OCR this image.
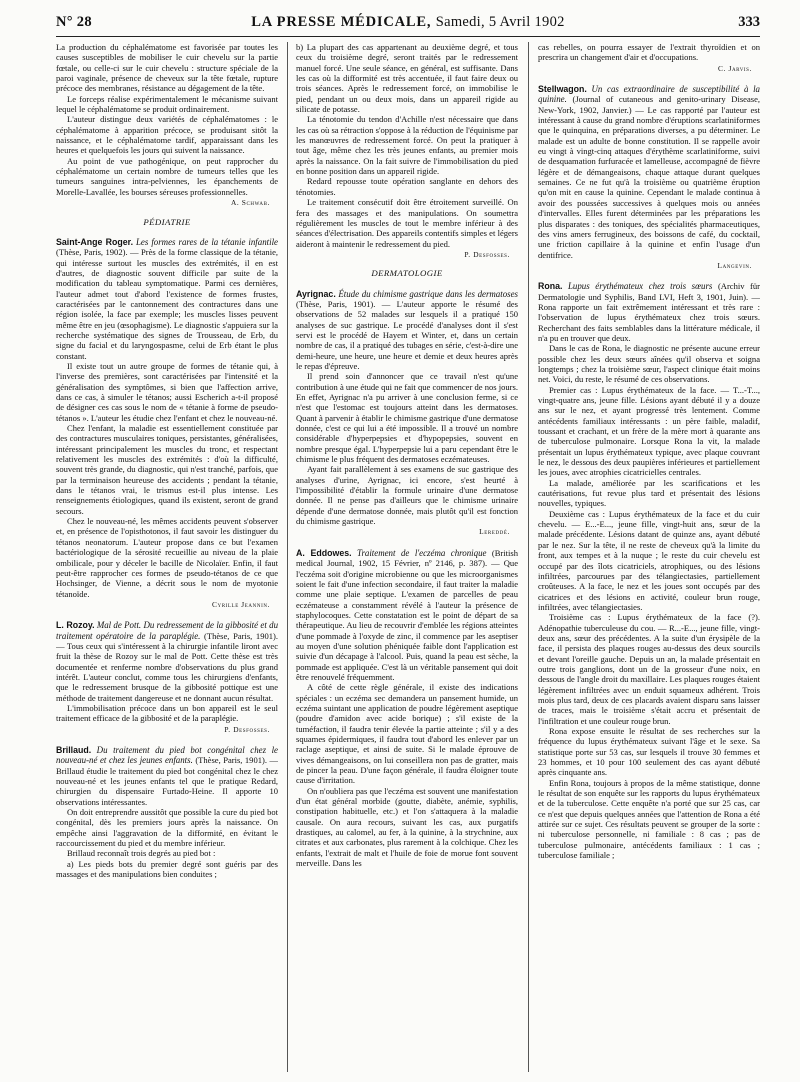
N° 28	LA PRESSE MÉDICALE, Samedi, 5 Avril 1902	333

La production du céphalématome est favorisée par toutes les causes susceptibles de mobiliser le cuir chevelu sur la partie fœtale, ou celle-ci sur le cuir chevelu : structure spéciale de la paroi vaginale, présence de cheveux sur la tête fœtale, rupture précoce des membranes, résistance au dégagement de la tête.

Le forceps réalise expérimentalement le mécanisme suivant lequel le céphalématome se produit ordinairement.

L'auteur distingue deux variétés de céphalématomes : le céphalématome à apparition précoce, se produisant sitôt la naissance, et le céphalématome tardif, apparaissant dans les heures et quelquefois les jours qui suivent la naissance.

Au point de vue pathogénique, on peut rapprocher du céphalématome un certain nombre de tumeurs telles que les tumeurs sanguines intra-pelviennes, les épanchements de Morelle-Lavallée, les bourses séreuses professionnelles.

A. Schwab.
PÉDIATRIE

Saint-Ange Roger. Les formes rares de la tétanie infantile (Thèse, Paris, 1902). — Près de la forme classique de la tétanie, qui intéresse surtout les muscles des extrémités, il en est d'autres, de diagnostic souvent difficile par suite de la modification du tableau symptomatique. Parmi ces dernières, l'auteur admet tout d'abord l'existence de formes frustes, caractérisées par le cantonnement des contractures dans une région isolée, la face par exemple; les muscles lisses peuvent même être en jeu (œsophagisme). Le diagnostic s'appuiera sur la recherche systématique des signes de Trousseau, de Erb, du signe du facial et du laryngospasme, celui de Erb étant le plus constant.

Il existe tout un autre groupe de formes de tétanie qui, à l'inverse des premières, sont caractérisées par l'intensité et la généralisation des symptômes, si bien que l'affection arrive, dans ce cas, à simuler le tétanos; aussi Escherich a-t-il proposé de désigner ces cas sous le nom de « tétanie à forme de pseudo-tétanos ». L'auteur les étudie chez l'enfant et chez le nouveau-né.

Chez l'enfant, la maladie est essentiellement constituée par des contractures musculaires toniques, persistantes, généralisées, intéressant principalement les muscles du tronc, et respectant relativement les muscles des extrémités : d'où la difficulté, souvent très grande, du diagnostic, qui n'est tranché, parfois, que par la terminaison heureuse des accidents ; pendant la tétanie, dans le tétanos vrai, le trismus est-il plus intense. Les renseignements étiologiques, quand ils existent, seront de grand secours.

Chez le nouveau-né, les mêmes accidents peuvent s'observer et, en présence de l'opisthotonos, il faut savoir les distinguer du tétanos neonatorum. L'auteur propose dans ce but l'examen bactériologique de la sérosité recueillie au niveau de la plaie ombilicale, pour y déceler le bacille de Nicolaïer. Enfin, il faut peut-être rapprocher ces formes de pseudo-tétanos de ce que Hochsinger, de Vienne, a décrit sous le nom de myotonie tétanoïde.

Cyrille Jeannin.

L. Rozoy. Mal de Pott. Du redressement de la gibbosité et du traitement opératoire de la paraplégie. (Thèse, Paris, 1901). — Tous ceux qui s'intéressent à la chirurgie infantile liront avec fruit la thèse de Rozoy sur le mal de Pott. Cette thèse est très documentée et renferme nombre d'observations du plus grand intérêt. L'auteur conclut, comme tous les chirurgiens d'enfants, que le redressement brusque de la gibbosité pottique est une méthode de traitement dangereuse et ne donnant aucun résultat.

L'immobilisation précoce dans un bon appareil est le seul traitement efficace de la gibbosité et de la paraplégie.

P. Desfosses.

Brillaud. Du traitement du pied bot congénital chez le nouveau-né et chez les jeunes enfants. (Thèse, Paris, 1901). — Brillaud étudie le traitement du pied bot congénital chez le chez nouveau-né et les jeunes enfants tel que le pratique Redard, chirurgien du dispensaire Furtado-Heine. Il apporte 10 observations intéressantes.

On doit entreprendre aussitôt que possible la cure du pied bot congénital, dès les premiers jours après la naissance. On empêche ainsi l'aggravation de la difformité, en évitant le raccourcissement du pied et du membre inférieur.

Brillaud reconnaît trois degrés au pied bot :

a) Les pieds bots du premier degré sont guéris par des massages et des manipulations bien conduites ;

b) La plupart des cas appartenant au deuxième degré, et tous ceux du troisième degré, seront traités par le redressement manuel forcé. Une seule séance, en général, est suffisante. Dans les cas où la difformité est très accentuée, il faut faire deux ou trois séances. Après le redressement forcé, on immobilise le pied, pendant un ou deux mois, dans un appareil rigide au silicate de potasse.

La ténotomie du tendon d'Achille n'est nécessaire que dans les cas où sa rétraction s'oppose à la réduction de l'équinisme par les manœuvres de redressement forcé. On peut la pratiquer à tout âge, même chez les très jeunes enfants, au premier mois après la naissance. On la fait suivre de l'immobilisation du pied en bonne position dans un appareil rigide.

Redard repousse toute opération sanglante en dehors des ténotomies.

Le traitement consécutif doit être étroitement surveillé. On fera des massages et des manipulations. On soumettra régulièrement les muscles de tout le membre inférieur à des séances d'électrisation. Des appareils contentifs simples et légers aideront à maintenir le redressement du pied.

P. Desfosses.
DERMATOLOGIE

Ayrignac. Étude du chimisme gastrique dans les dermatoses (Thèse, Paris, 1901). — L'auteur apporte le résumé des observations de 52 malades sur lesquels il a pratiqué 150 analyses de suc gastrique. Le procédé d'analyses dont il s'est servi est le procédé de Hayem et Winter, et, dans un certain nombre de cas, il a pratiqué des tubages en série, c'est-à-dire une demi-heure, une heure, une heure et demie et deux heures après le repas d'épreuve.

Il prend soin d'annoncer que ce travail n'est qu'une contribution à une étude qui ne fait que commencer de nos jours. En effet, Ayrignac n'a pu arriver à une conclusion ferme, si ce n'est que l'estomac est toujours atteint dans les dermatoses. Quant à parvenir à établir le chimisme gastrique d'une dermatose donnée, c'est ce qui lui a été impossible. Il a trouvé un nombre considérable d'hyperpepsies et d'hypopepsies, souvent en nombre presque égal. L'hyperpepsie lui a paru cependant être le chimisme le plus fréquent des dermatoses eczémateuses.

Ayant fait parallèlement à ses examens de suc gastrique des analyses d'urine, Ayrignac, ici encore, s'est heurté à l'impossibilité d'établir la formule urinaire d'une dermatose donnée. Il ne pense pas d'ailleurs que le chimisme urinaire dépende d'une dermatose donnée, mais plutôt qu'il est fonction du chimisme gastrique.

Lereddé.

A. Eddowes. Traitement de l'eczéma chronique (British medical Journal, 1902, 15 Février, nº 2146, p. 387). — Que l'eczéma soit d'origine microbienne ou que les microorganismes soient le fait d'une infection secondaire, il faut traiter la maladie comme une plaie septique. L'examen de parcelles de peau eczémateuse a constamment révélé à l'auteur la présence de staphylocoques. Cette constatation est le point de départ de sa thérapeutique. Au lieu de recouvrir d'emblée les régions atteintes d'une pommade à l'oxyde de zinc, il commence par les aseptiser au moyen d'une solution phéniquée faible dont l'application est suivie d'un décapage à l'alcool. Puis, quand la peau est sèche, la pommade est appliquée. C'est là un véritable pansement qui doit être renouvelé fréquemment.

A côté de cette règle générale, il existe des indications spéciales : un eczéma sec demandera un pansement humide, un eczéma suintant une application de poudre légèrement aseptique (poudre d'amidon avec acide borique) ; s'il existe de la tuméfaction, il faudra tenir élevée la partie atteinte ; s'il y a des squames épidermiques, il faudra tout d'abord les enlever par un raclage aseptique, et ainsi de suite. Si le malade éprouve de vives démangeaisons, on lui conseillera non pas de gratter, mais de pincer la peau. D'une façon générale, il faudra éloigner toute cause d'irritation.

On n'oubliera pas que l'eczéma est souvent une manifestation d'un état général morbide (goutte, diabète, anémie, syphilis, constipation habituelle, etc.) et l'on s'attaquera à la maladie causale. On aura recours, suivant les cas, aux purgatifs drastiques, au calomel, au fer, à la quinine, à la strychnine, aux citrates et aux carbonates, plus rarement à la colchique. Chez les enfants, l'extrait de malt et l'huile de foie de morue font souvent merveille. Dans les

cas rebelles, on pourra essayer de l'extrait thyroïdien et on prescrira un changement d'air et d'occupations.

C. Jarvis.

Stellwagon. Un cas extraordinaire de susceptibilité à la quinine. (Journal of cutaneous and genito-urinary Disease, New-York, 1902, Janvier.) — Le cas rapporté par l'auteur est intéressant à cause du grand nombre d'éruptions scarlatiniformes que le quinquina, en préparations diverses, a pu déterminer. Le malade est un adulte de bonne constitution. Il se rappelle avoir eu vingt à vingt-cinq attaques d'érythème scarlatiniforme, suivi de desquamation furfuracée et lamelleuse, accompagné de fièvre légère et de démangeaisons, chaque attaque durant quelques semaines. Ce ne fut qu'à la troisième ou quatrième éruption qu'on mit en cause la quinine. Cependant le malade continua à avoir des poussées successives à quelques mois ou années d'intervalles. Elles furent déterminées par les préparations les plus disparates : des toniques, des spécialités pharmaceutiques, des vins amers ferrugineux, des boissons de café, du cocktail, une friction capillaire à la quinine et enfin l'usage d'un dentifrice.

Langevin.

Rona. Lupus érythémateux chez trois sœurs (Archiv für Dermatologie und Syphilis, Band LVI, Heft 3, 1901, Juin). — Rona rapporte un fait extrêmement intéressant et très rare : l'observation de lupus érythémateux chez trois sœurs. Recherchant des faits semblables dans la littérature médicale, il n'a pu en trouver que deux.

Dans le cas de Rona, le diagnostic ne présente aucune erreur possible chez les deux sœurs aînées qu'il observa et soigna longtemps ; chez la troisième sœur, l'aspect clinique était moins net. Voici, du reste, le résumé de ces observations.

Premier cas : Lupus érythémateux de la face. — T...-T..., vingt-quatre ans, jeune fille. Lésions ayant débuté il y a douze ans sur le nez, et ayant progressé très lentement. Comme antécédents familiaux intéressants : un père faible, maladif, toussant et crachant, et un frère de la mère mort à quarante ans de tuberculose pulmonaire. Lorsque Rona la vit, la malade présentait un lupus érythémateux typique, avec plaque couvrant le nez, le dessous des deux paupières inférieures et partiellement les joues, avec atrophies cicatricielles centrales.

La malade, améliorée par les scarifications et les cautérisations, fut revue plus tard et présentait des lésions nouvelles, typiques.

Deuxième cas : Lupus érythémateux de la face et du cuir chevelu. — E...-E..., jeune fille, vingt-huit ans, sœur de la malade précédente. Lésions datant de quinze ans, ayant débuté par le nez. Sur la tête, il ne reste de cheveux qu'à la limite du front, aux tempes et à la nuque ; le reste du cuir chevelu est occupé par des îlots cicatriciels, atrophiques, ou des lésions infiltrées, parcourues par des télangiectasies, partiellement croûteuses. A la face, le nez et les joues sont occupés par des cicatrices et des lésions en activité, couleur brun rouge, infiltrées, avec télangiectasies.

Troisième cas : Lupus érythémateux de la face (?). Adénopathie tuberculeuse du cou. — R...-E..., jeune fille, vingt-deux ans, sœur des précédentes. A la suite d'un érysipèle de la face, il persista des plaques rouges au-dessus des deux sourcils et devant l'oreille gauche. Depuis un an, la malade présentait en outre trois ganglions, dont un de la grosseur d'une noix, en dessous de l'angle droit du maxillaire. Les plaques rouges étaient légèrement infiltrées avec un enduit squameux adhérent. Trois mois plus tard, deux de ces placards avaient disparu sans laisser de traces, mais le troisième s'était accru et présentait de l'infiltration et une couleur rouge brun.

Rona expose ensuite le résultat de ses recherches sur la fréquence du lupus érythémateux suivant l'âge et le sexe. Sa statistique porte sur 53 cas, sur lesquels il trouve 30 femmes et 23 hommes, et 10 pour 100 seulement des cas ayant débuté après cinquante ans.

Enfin Rona, toujours à propos de la même statistique, donne le résultat de son enquête sur les rapports du lupus érythémateux et de la tuberculose. Cette enquête n'a porté que sur 25 cas, car ce n'est que depuis quelques années que l'attention de Rona a été attirée sur ce sujet. Ces résultats peuvent se grouper de la sorte : ni tuberculose personnelle, ni familiale : 8 cas ; pas de tuberculose pulmonaire, antécédents familiaux : 1 cas ; tuberculose familiale ;
